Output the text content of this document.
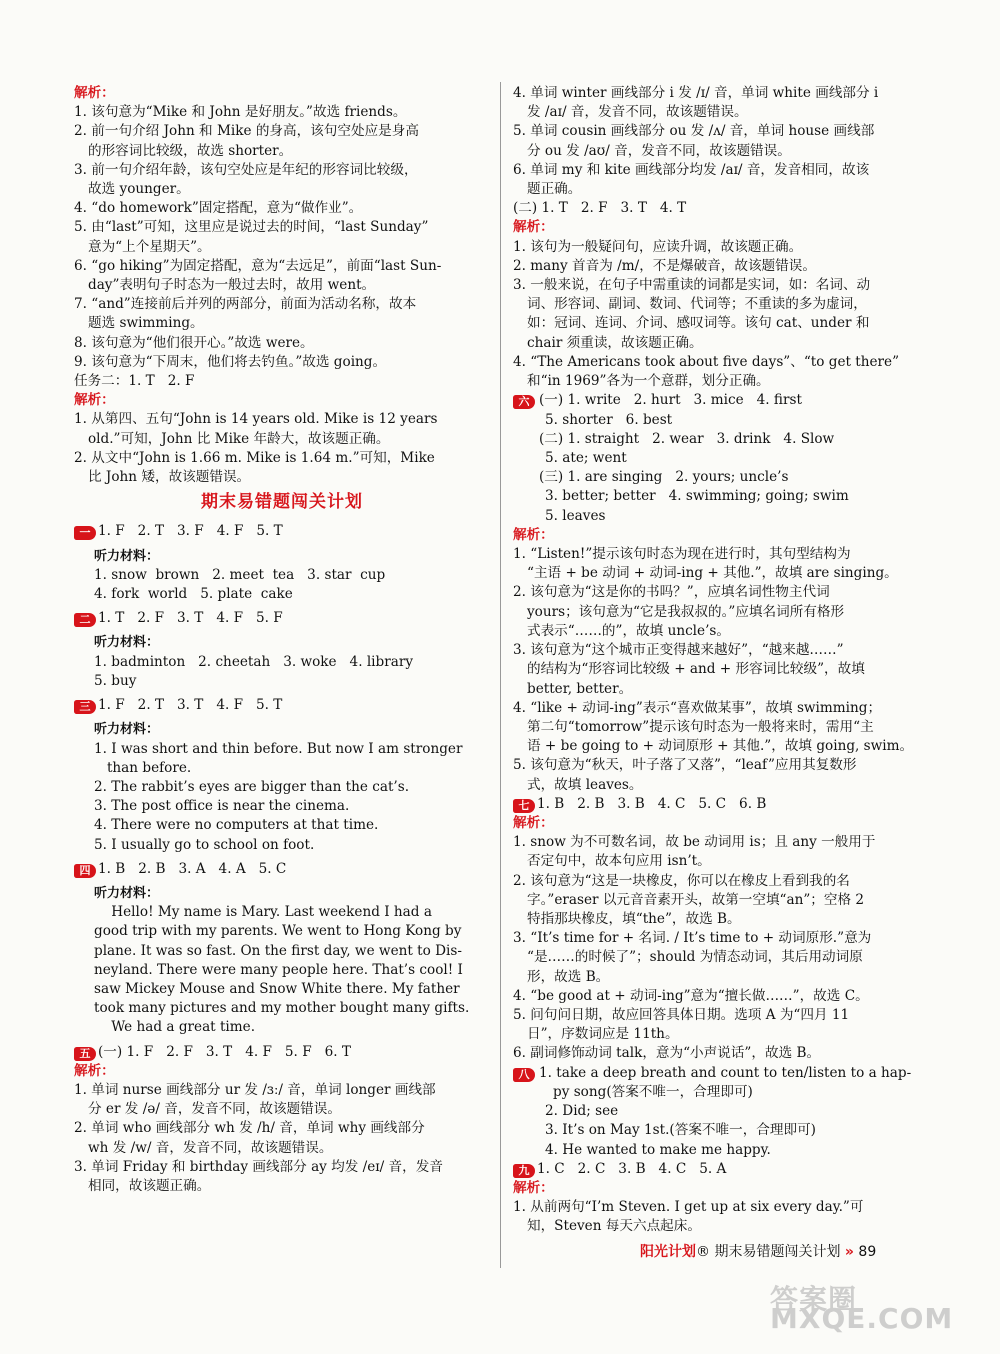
解析：
1. 该句意为“Mike 和 John 是好朋友。”故选 friends。
2. 前一句介绍 John 和 Mike 的身高，该句空处应是身高
的形容词比较级，故选 shorter。
3. 前一句介绍年龄，该句空处应是年纪的形容词比较级，
故选 younger。
4. “do homework”固定搭配，意为“做作业”。
5. 由“last”可知，这里应是说过去的时间，“last Sunday”
意为“上个星期天”。
6. “go hiking”为固定搭配，意为“去远足”，前面“last Sun-
day”表明句子时态为一般过去时，故用 went。
7. “and”连接前后并列的两部分，前面为活动名称，故本
题选 swimming。
8. 该句意为“他们很开心。”故选 were。
9. 该句意为“下周末，他们将去钓鱼。”故选 going。
任务二：1. T   2. F
解析：
1. 从第四、五句“John is 14 years old. Mike is 12 years
old.”可知，John 比 Mike 年龄大，故该题正确。
2. 从文中“John is 1.66 m. Mike is 1.64 m.”可知，Mike
比 John 矮，故该题错误。
期末易错题闯关计划
一 1. F   2. T   3. F   4. F   5. T
听力材料：
1. snow  brown   2. meet  tea   3. star  cup
4. fork  world   5. plate  cake
二 1. T   2. F   3. T   4. F   5. F
听力材料：
1. badminton   2. cheetah   3. woke   4. library
5. buy
三 1. F   2. T   3. T   4. F   5. T
听力材料：
1. I was short and thin before. But now I am stronger
than before.
2. The rabbit’s eyes are bigger than the cat’s.
3. The post office is near the cinema.
4. There were no computers at that time.
5. I usually go to school on foot.
四 1. B   2. B   3. A   4. A   5. C
听力材料：
Hello! My name is Mary. Last weekend I had a
good trip with my parents. We went to Hong Kong by
plane. It was so fast. On the first day, we went to Dis-
neyland. There were many people here. That’s cool! I
saw Mickey Mouse and Snow White there. My father
took many pictures and my mother bought many gifts.
We had a great time.
五 (一) 1. F   2. F   3. T   4. F   5. F   6. T
解析：
1. 单词 nurse 画线部分 ur 发 /ɜː/ 音，单词 longer 画线部
分 er 发 /ə/ 音，发音不同，故该题错误。
2. 单词 who 画线部分 wh 发 /h/ 音，单词 why 画线部分
wh 发 /w/ 音，发音不同，故该题错误。
3. 单词 Friday 和 birthday 画线部分 ay 均发 /eɪ/ 音，发音
相同，故该题正确。
4. 单词 winter 画线部分 i 发 /ɪ/ 音，单词 white 画线部分 i
发 /aɪ/ 音，发音不同，故该题错误。
5. 单词 cousin 画线部分 ou 发 /ʌ/ 音，单词 house 画线部
分 ou 发 /aʊ/ 音，发音不同，故该题错误。
6. 单词 my 和 kite 画线部分均发 /aɪ/ 音，发音相同，故该
题正确。
(二) 1. T   2. F   3. T   4. T
解析：
1. 该句为一般疑问句，应读升调，故该题正确。
2. many 首音为 /m/，不是爆破音，故该题错误。
3. 一般来说，在句子中需重读的词都是实词，如：名词、动
词、形容词、副词、数词、代词等；不重读的多为虚词，
如：冠词、连词、介词、感叹词等。该句 cat、under 和
chair 须重读，故该题正确。
4. “The Americans took about five days”、“to get there”
和“in 1969”各为一个意群，划分正确。
六 (一) 1. write   2. hurt   3. mice   4. first
5. shorter   6. best
(二) 1. straight   2. wear   3. drink   4. Slow
5. ate; went
(三) 1. are singing   2. yours; uncle’s
3. better; better   4. swimming; going; swim
5. leaves
解析：
1. “Listen!”提示该句时态为现在进行时，其句型结构为
“主语 + be 动词 + 动词-ing + 其他.”，故填 are singing。
2. 该句意为“这是你的书吗？”，应填名词性物主代词
yours；该句意为“它是我叔叔的。”应填名词所有格形
式表示“……的”，故填 uncle’s。
3. 该句意为“这个城市正变得越来越好”，“越来越……”
的结构为“形容词比较级 + and + 形容词比较级”，故填
better, better。
4. “like + 动词-ing”表示“喜欢做某事”，故填 swimming；
第二句“tomorrow”提示该句时态为一般将来时，需用“主
语 + be going to + 动词原形 + 其他.”，故填 going, swim。
5. 该句意为“秋天，叶子落了又落”，“leaf”应用其复数形
式，故填 leaves。
七 1. B   2. B   3. B   4. C   5. C   6. B
解析：
1. snow 为不可数名词，故 be 动词用 is；且 any 一般用于
否定句中，故本句应用 isn’t。
2. 该句意为“这是一块橡皮，你可以在橡皮上看到我的名
字。”eraser 以元音音素开头，故第一空填“an”；空格 2
特指那块橡皮，填“the”，故选 B。
3. “It’s time for + 名词. / It’s time to + 动词原形.”意为
“是……的时候了”；should 为情态动词，其后用动词原
形，故选 B。
4. “be good at + 动词-ing”意为“擅长做……”，故选 C。
5. 问句问日期，故应回答具体日期。选项 A 为“四月 11
日”，序数词应是 11th。
6. 副词修饰动词 talk，意为“小声说话”，故选 B。
八 1. take a deep breath and count to ten/listen to a hap-
py song(答案不唯一，合理即可)
2. Did; see
3. It’s on May 1st.(答案不唯一，合理即可)
4. He wanted to make me happy.
九 1. C   2. C   3. B   4. C   5. A
解析：
1. 从前两句“I’m Steven. I get up at six every day.”可
知，Steven 每天六点起床。
阳光计划® 期末易错题闯关计划 » 89
答案圈 MXQE.COM
